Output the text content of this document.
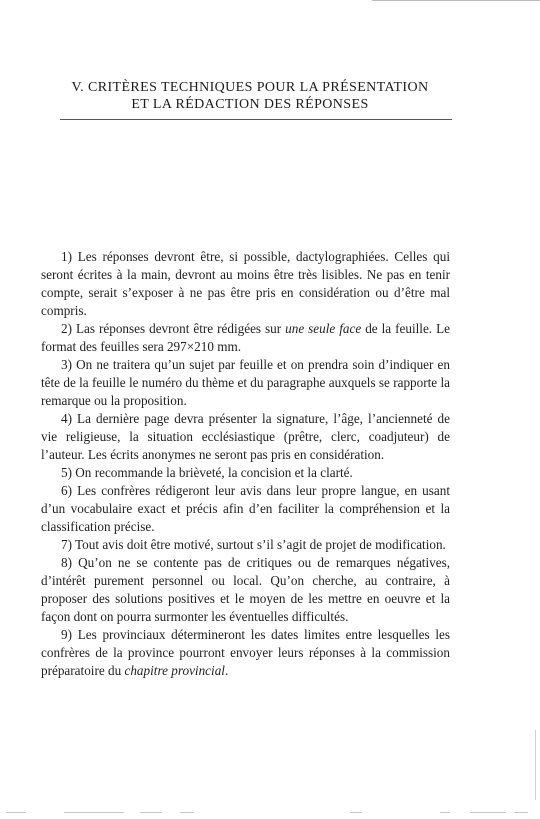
V. CRITÈRES TECHNIQUES POUR LA PRÉSENTATION
ET LA RÉDACTION DES RÉPONSES

1) Les réponses devront être, si possible, dactylographiées. Celles qui seront écrites à la main, devront au moins être très lisibles. Ne pas en tenir compte, serait s’exposer à ne pas être pris en considération ou d’être mal compris.

2) Las réponses devront être rédigées sur une seule face de la feuille. Le format des feuilles sera 297×210 mm.

3) On ne traitera qu’un sujet par feuille et on prendra soin d’indiquer en tête de la feuille le numéro du thème et du paragraphe auxquels se rapporte la remarque ou la proposition.

4) La dernière page devra présenter la signature, l’âge, l’ancienneté de vie religieuse, la situation ecclésiastique (prêtre, clerc, coadjuteur) de l’auteur. Les écrits anonymes ne seront pas pris en considération.

5) On recommande la brièveté, la concision et la clarté.

6) Les confrères rédigeront leur avis dans leur propre langue, en usant d’un vocabulaire exact et précis afin d’en faciliter la compréhension et la classification précise.

7) Tout avis doit être motivé, surtout s’il s’agit de projet de modification.

8) Qu’on ne se contente pas de critiques ou de remarques négatives, d’intérêt purement personnel ou local. Qu’on cherche, au contraire, à proposer des solutions positives et le moyen de les mettre en oeuvre et la façon dont on pourra surmonter les éventuelles difficultés.

9) Les provinciaux détermineront les dates limites entre lesquelles les confrères de la province pourront envoyer leurs réponses à la commission préparatoire du chapitre provincial.
